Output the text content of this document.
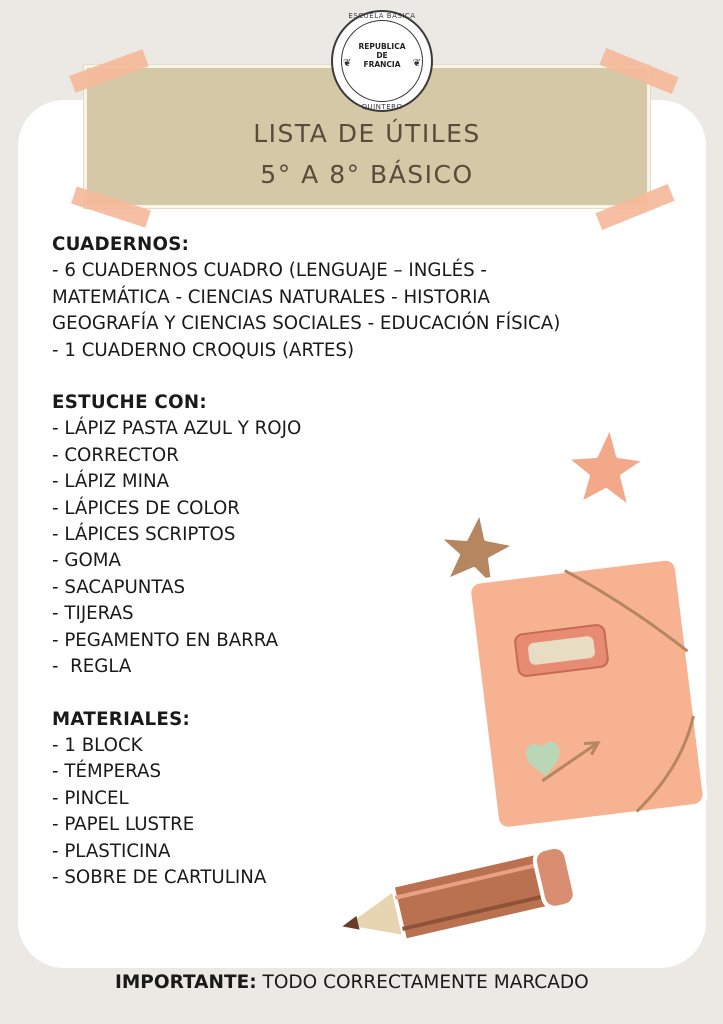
ESCUELA BASICA
❦	❦
REPUBLICA
DE
FRANCIA
QUINTERO
LISTA DE ÚTILES
5° A 8° BÁSICO
CUADERNOS:
- 6 CUADERNOS CUADRO (LENGUAJE – INGLÉS - MATEMÁTICA - CIENCIAS NATURALES - HISTORIA GEOGRAFÍA Y CIENCIAS SOCIALES - EDUCACIÓN FÍSICA)
- 1 CUADERNO CROQUIS (ARTES)
ESTUCHE CON:
- LÁPIZ PASTA AZUL Y ROJO
- CORRECTOR
- LÁPIZ MINA
- LÁPICES DE COLOR
- LÁPICES SCRIPTOS
- GOMA
- SACAPUNTAS
- TIJERAS
- PEGAMENTO EN BARRA
-  REGLA
MATERIALES:
- 1 BLOCK
- TÉMPERAS
- PINCEL
- PAPEL LUSTRE
- PLASTICINA
- SOBRE DE CARTULINA
IMPORTANTE: TODO CORRECTAMENTE MARCADO
